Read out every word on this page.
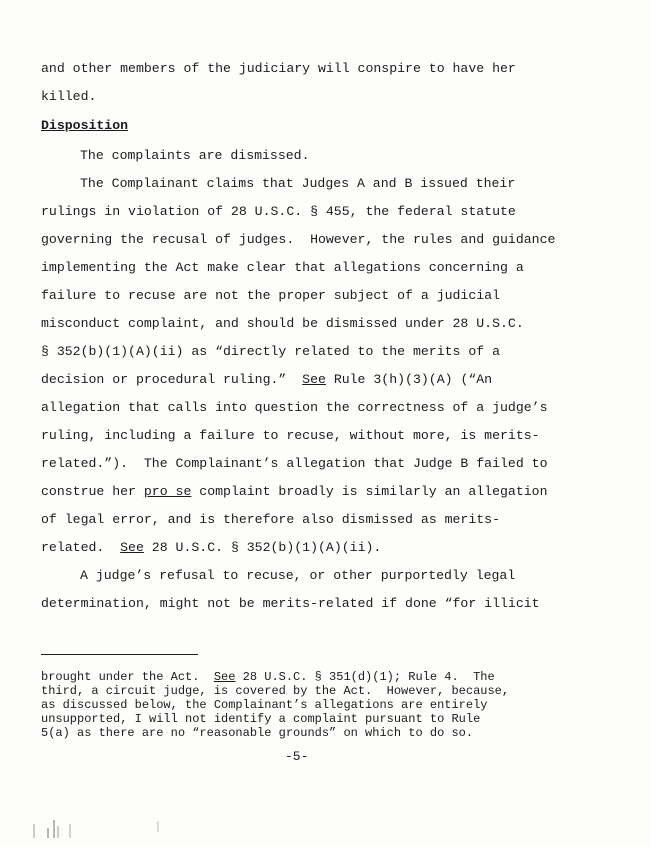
and other members of the judiciary will conspire to have her
killed.
Disposition
The complaints are dismissed.
The Complainant claims that Judges A and B issued their
rulings in violation of 28 U.S.C. § 455, the federal statute
governing the recusal of judges.  However, the rules and guidance
implementing the Act make clear that allegations concerning a
failure to recuse are not the proper subject of a judicial
misconduct complaint, and should be dismissed under 28 U.S.C.
§ 352(b)(1)(A)(ii) as “directly related to the merits of a
decision or procedural ruling.”  See Rule 3(h)(3)(A) (“An
allegation that calls into question the correctness of a judge’s
ruling, including a failure to recuse, without more, is merits-
related.”).  The Complainant’s allegation that Judge B failed to
construe her pro se complaint broadly is similarly an allegation
of legal error, and is therefore also dismissed as merits-
related.  See 28 U.S.C. § 352(b)(1)(A)(ii).
A judge’s refusal to recuse, or other purportedly legal
determination, might not be merits-related if done “for illicit
brought under the Act.  See 28 U.S.C. § 351(d)(1); Rule 4.  The
third, a circuit judge, is covered by the Act.  However, because,
as discussed below, the Complainant’s allegations are entirely
unsupported, I will not identify a complaint pursuant to Rule
5(a) as there are no “reasonable grounds” on which to do so.
-5-
